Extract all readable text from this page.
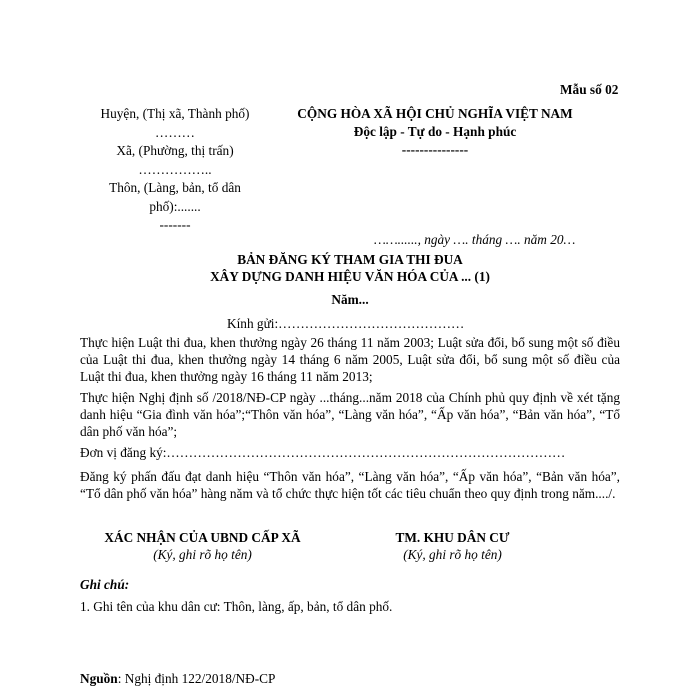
Mẫu số 02
Huyện, (Thị xã, Thành phố)
………
Xã, (Phường, thị trấn)
……………..
Thôn, (Làng, bản, tổ dân
phố):.......
-------
CỘNG HÒA XÃ HỘI CHỦ NGHĨA VIỆT NAM
Độc lập - Tự do - Hạnh phúc
---------------
……......, ngày …. tháng …. năm 20…
BẢN ĐĂNG KÝ THAM GIA THI ĐUA
XÂY DỰNG DANH HIỆU VĂN HÓA CỦA ... (1)
Năm...
Kính gửi:……………………………………
Thực hiện Luật thi đua, khen thưởng ngày 26 tháng 11 năm 2003; Luật sửa đổi, bổ sung một số điều của Luật thi đua, khen thưởng ngày 14 tháng 6 năm 2005, Luật sửa đổi, bổ sung một số điều của Luật thi đua, khen thưởng ngày 16 tháng 11 năm 2013;
Thực hiện Nghị định số /2018/NĐ-CP ngày ...tháng...năm 2018 của Chính phủ quy định về xét tặng danh hiệu “Gia đình văn hóa”;“Thôn văn hóa”, “Làng văn hóa”, “Ấp văn hóa”, “Bản văn hóa”, “Tổ dân phố văn hóa”;
Đơn vị đăng ký:………………………………………………………………………………
Đăng ký phấn đấu đạt danh hiệu “Thôn văn hóa”, “Làng văn hóa”, “Ấp văn hóa”, “Bản văn hóa”, “Tổ dân phố văn hóa” hàng năm và tổ chức thực hiện tốt các tiêu chuẩn theo quy định trong năm..../.
XÁC NHẬN CỦA UBND CẤP XÃ
(Ký, ghi rõ họ tên)
TM. KHU DÂN CƯ
(Ký, ghi rõ họ tên)
Ghi chú:
1. Ghi tên của khu dân cư: Thôn, làng, ấp, bản, tổ dân phố.
Nguồn: Nghị định 122/2018/NĐ-CP
